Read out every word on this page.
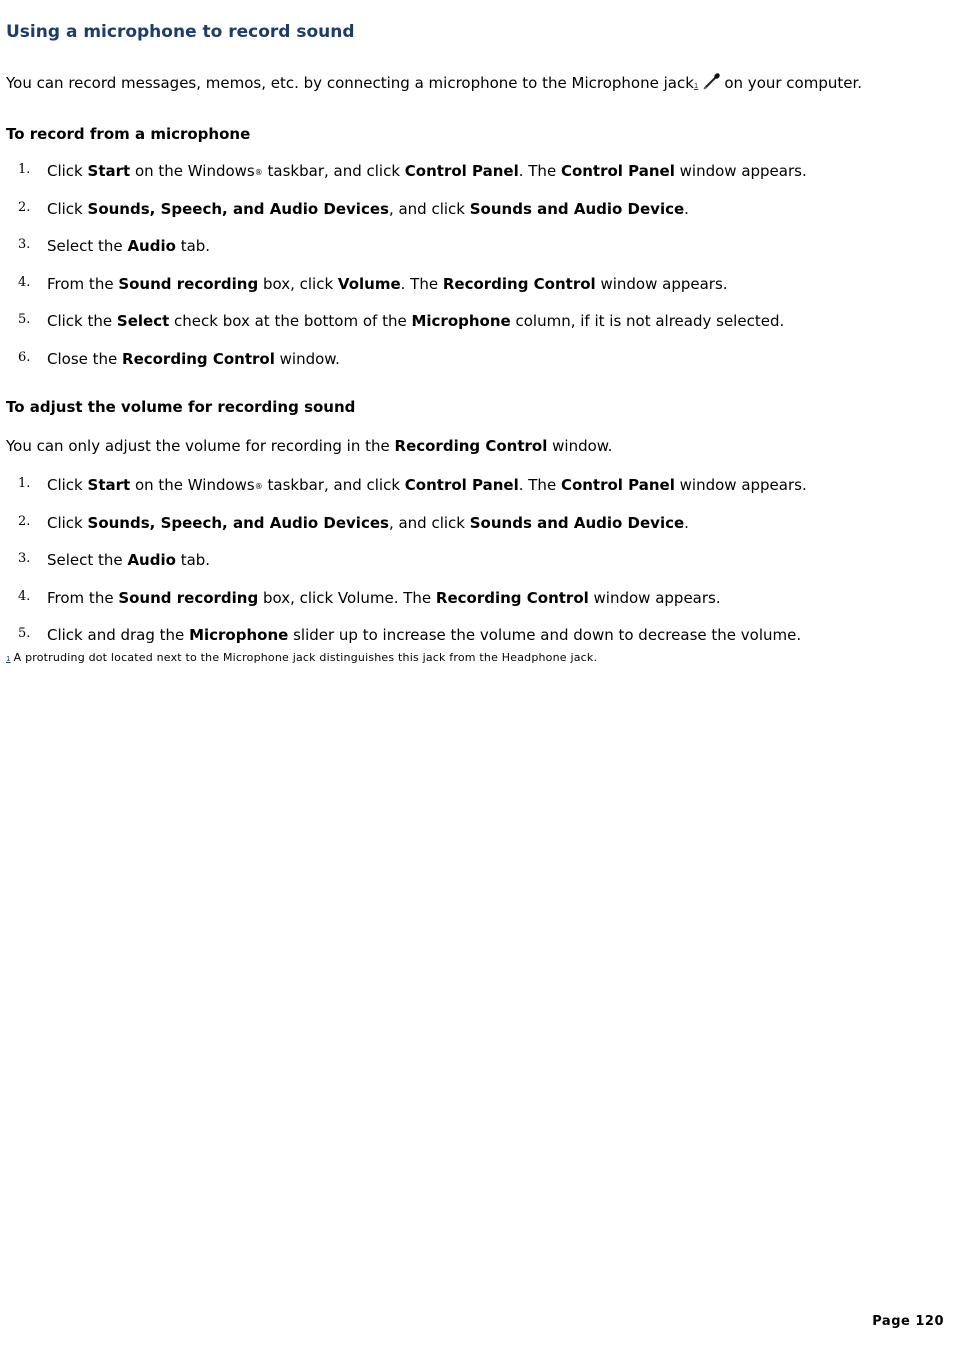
Using a microphone to record sound

You can record messages, memos, etc. by connecting a microphone to the Microphone jack1 on your computer.

To record from a microphone
1. Click Start on the Windows® taskbar, and click Control Panel. The Control Panel window appears.
2. Click Sounds, Speech, and Audio Devices, and click Sounds and Audio Device.
3. Select the Audio tab.
4. From the Sound recording box, click Volume. The Recording Control window appears.
5. Click the Select check box at the bottom of the Microphone column, if it is not already selected.
6. Close the Recording Control window.
To adjust the volume for recording sound

You can only adjust the volume for recording in the Recording Control window.

1. Click Start on the Windows® taskbar, and click Control Panel. The Control Panel window appears.
2. Click Sounds, Speech, and Audio Devices, and click Sounds and Audio Device.
3. Select the Audio tab.
4. From the Sound recording box, click Volume. The Recording Control window appears.
5. Click and drag the Microphone slider up to increase the volume and down to decrease the volume.

1 A protruding dot located next to the Microphone jack distinguishes this jack from the Headphone jack.

Page 120
